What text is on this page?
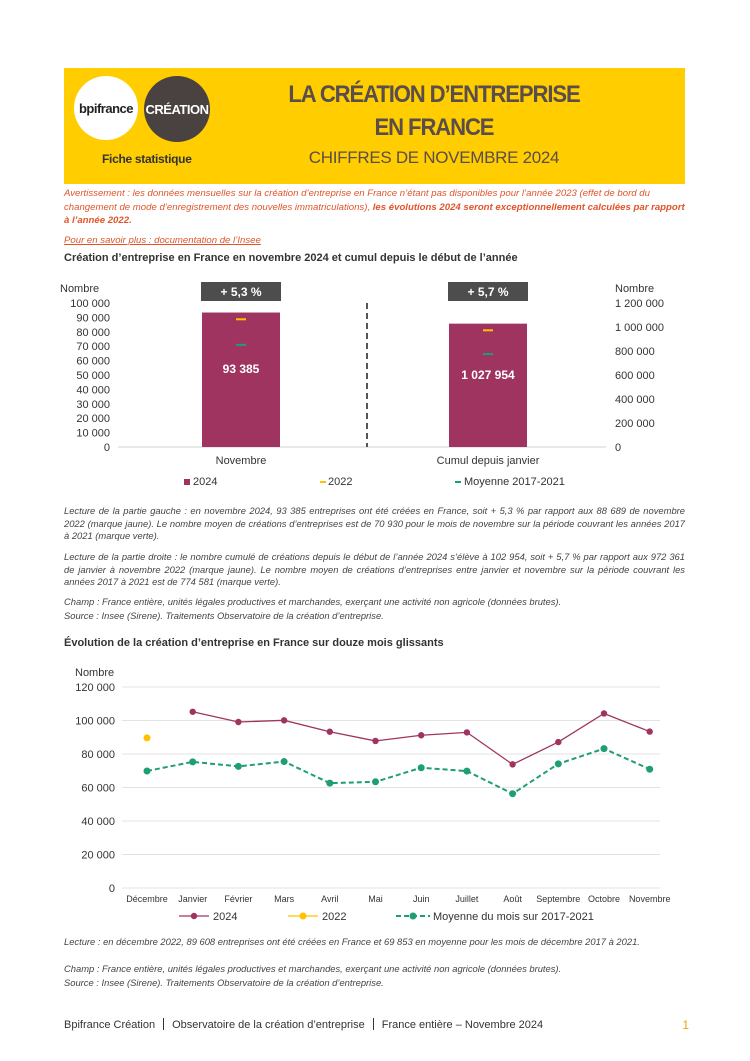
bpifrance CRÉATION
Fiche statistique
LA CRÉATION D’ENTREPRISE
EN FRANCE
CHIFFRES DE NOVEMBRE 2024
Avertissement : les données mensuelles sur la création d’entreprise en France n’étant pas disponibles pour l’année 2023 (effet de bord du changement de mode d’enregistrement des nouvelles immatriculations), les évolutions 2024 seront exceptionnellement calculées par rapport à l’année 2022.
Pour en savoir plus : documentation de l’Insee
Création d’entreprise en France en novembre 2024 et cumul depuis le début de l’année
Nombre	Nombre
0
10 000
20 000
30 000
40 000
50 000
60 000
70 000
80 000
90 000
100 000
0
200 000
400 000
600 000
800 000
1 000 000
1 200 000
93 385
+ 5,3 %
Novembre
1 027 954
+ 5,7 %
Cumul depuis janvier
2024	2022	Moyenne 2017-2021
Lecture de la partie gauche : en novembre 2024, 93 385 entreprises ont été créées en France, soit + 5,3 % par rapport aux 88 689 de novembre 2022 (marque jaune). Le nombre moyen de créations d’entreprises est de 70 930 pour le mois de novembre sur la période couvrant les années 2017 à 2021 (marque verte).
Lecture de la partie droite : le nombre cumulé de créations depuis le début de l’année 2024 s’élève à 102 954, soit + 5,7 % par rapport aux 972 361 de janvier à novembre 2022 (marque jaune). Le nombre moyen de créations d’entreprises entre janvier et novembre sur la période couvrant les années 2017 à 2021 est de 774 581 (marque verte).
Champ : France entière, unités légales productives et marchandes, exerçant une activité non agricole (données brutes).
Source : Insee (Sirene). Traitements Observatoire de la création d’entreprise.
Évolution de la création d’entreprise en France sur douze mois glissants
Nombre
0
20 000
40 000
60 000
80 000
100 000
120 000
Décembre Janvier Février Mars	Avril	Mai	Juin	Juillet	Août Septembre Octobre Novembre
2024	2022	Moyenne du mois sur 2017-2021
Lecture : en décembre 2022, 89 608 entreprises ont été créées en France et 69 853 en moyenne pour les mois de décembre 2017 à 2021.
Champ : France entière, unités légales productives et marchandes, exerçant une activité non agricole (données brutes).
Source : Insee (Sirene). Traitements Observatoire de la création d’entreprise.
Bpifrance Création Observatoire de la création d’entreprise France entière – Novembre 2024	1
